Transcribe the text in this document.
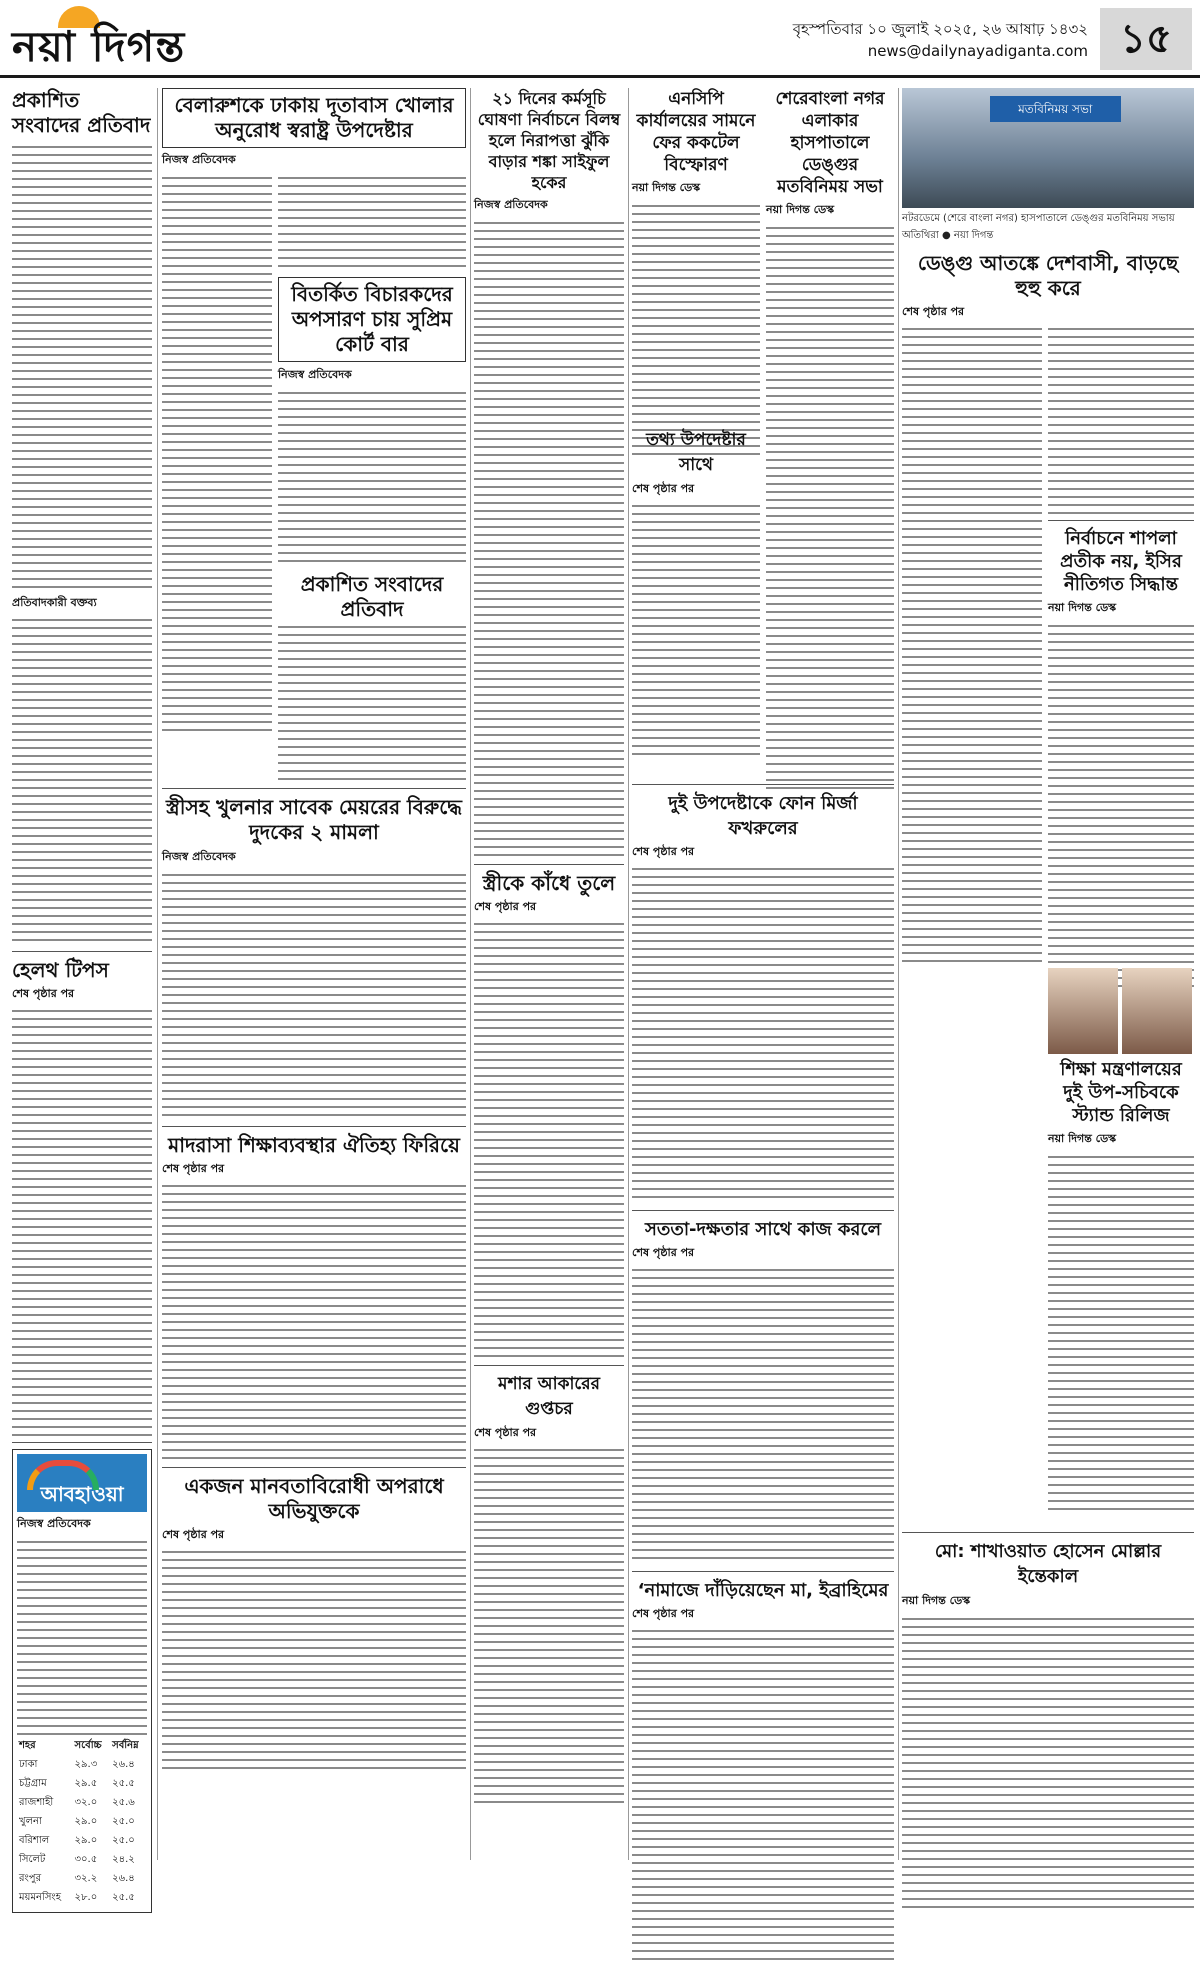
নয়া দিগন্ত	বৃহস্পতিবার ১০ জুলাই ২০২৫, ২৬ আষাঢ় ১৪৩২
news@dailynayadiganta.com ১৫
প্রকাশিত সংবাদের প্রতিবাদ
প্রতিবাদকারী বক্তব্য
হেলথ টিপস
শেষ পৃষ্ঠার পর
আবহাওয়া
নিজস্ব প্রতিবেদক
শহর	সর্বোচ্চ	সর্বনিম্ন
ঢাকা	২৯.৩	২৬.৪
চট্টগ্রাম	২৯.৫	২৫.৫
রাজশাহী	৩২.০	২৫.৬
খুলনা	২৯.০	২৫.০
বরিশাল	২৯.০	২৫.০
সিলেট	৩০.৫	২৪.২
রংপুর	৩২.২	২৬.৪
ময়মনসিংহ	২৮.০	২৫.৫
বেলারুশকে ঢাকায় দূতাবাস খোলার অনুরোধ স্বরাষ্ট্র উপদেষ্টার
নিজস্ব প্রতিবেদক
বিতর্কিত বিচারকদের অপসারণ চায় সুপ্রিম কোর্ট বার
নিজস্ব প্রতিবেদক
প্রকাশিত সংবাদের প্রতিবাদ
স্ত্রীসহ খুলনার সাবেক মেয়রের বিরুদ্ধে দুদকের ২ মামলা
নিজস্ব প্রতিবেদক
মাদরাসা শিক্ষাব্যবস্থার ঐতিহ্য ফিরিয়ে
শেষ পৃষ্ঠার পর
একজন মানবতাবিরোধী অপরাধে অভিযুক্তকে
শেষ পৃষ্ঠার পর
২১ দিনের কর্মসূচি ঘোষণা নির্বাচনে বিলম্ব হলে নিরাপত্তা ঝুঁকি বাড়ার শঙ্কা সাইফুল হকের
নিজস্ব প্রতিবেদক
স্ত্রীকে কাঁধে তুলে
শেষ পৃষ্ঠার পর
মশার আকারের গুপ্তচর
শেষ পৃষ্ঠার পর
এনসিপি কার্যালয়ের সামনে ফের ককটেল বিস্ফোরণ
নয়া দিগন্ত ডেস্ক
শেরেবাংলা নগর এলাকার হাসপাতালে ডেঙ্গুর মতবিনিময় সভা
নয়া দিগন্ত ডেস্ক
তথ্য উপদেষ্টার সাথে
শেষ পৃষ্ঠার পর
দুই উপদেষ্টাকে ফোন মির্জা ফখরুলের
শেষ পৃষ্ঠার পর
সততা-দক্ষতার সাথে কাজ করলে
শেষ পৃষ্ঠার পর
‘নামাজে দাঁড়িয়েছেন মা, ইব্রাহিমের
শেষ পৃষ্ঠার পর
মতবিনিময় সভা
নটরডেমে (শেরে বাংলা নগর) হাসপাতালে ডেঙ্গুর মতবিনিময় সভায় অতিথিরা ● নয়া দিগন্ত
ডেঙ্গু আতঙ্কে দেশবাসী, বাড়ছে হুহু করে
শেষ পৃষ্ঠার পর
নির্বাচনে শাপলা প্রতীক নয়, ইসির নীতিগত সিদ্ধান্ত
নয়া দিগন্ত ডেস্ক
শিক্ষা মন্ত্রণালয়ের দুই উপ-সচিবকে স্ট্যান্ড রিলিজ
নয়া দিগন্ত ডেস্ক
মো: শাখাওয়াত হোসেন মোল্লার ইন্তেকাল
নয়া দিগন্ত ডেস্ক
